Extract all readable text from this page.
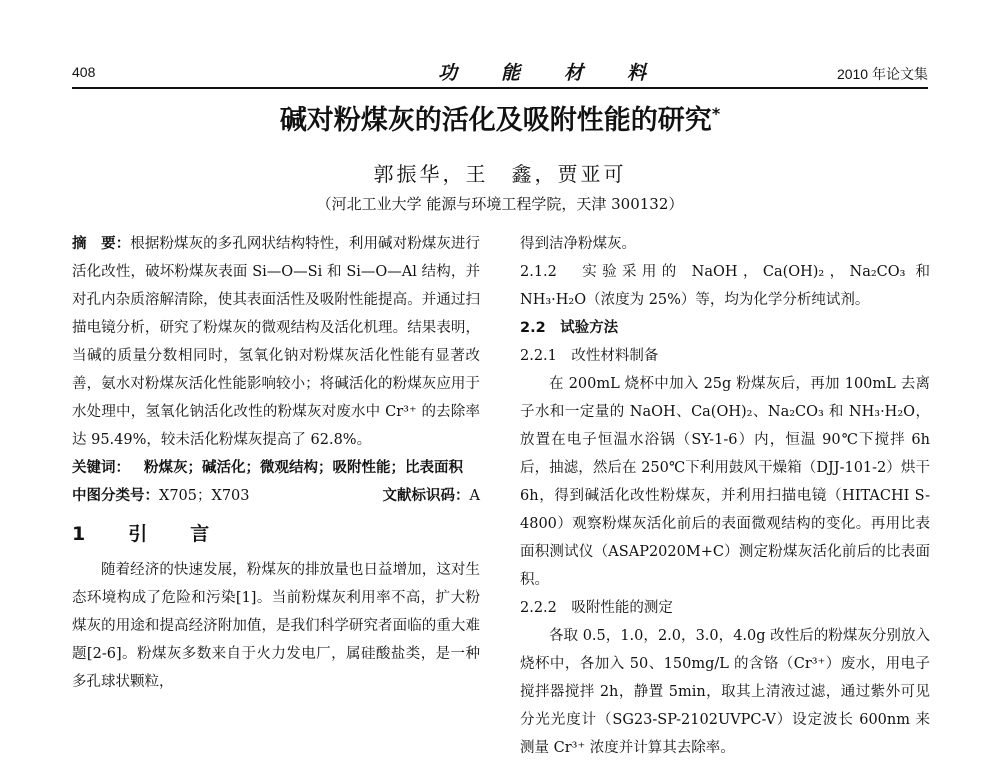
408	功能材料	2010 年论文集
碱对粉煤灰的活化及吸附性能的研究*
郭振华，王　鑫，贾亚可
（河北工业大学 能源与环境工程学院，天津 300132）

摘　要：根据粉煤灰的多孔网状结构特性，利用碱对粉煤灰进行活化改性，破坏粉煤灰表面 Si—O—Si 和 Si—O—Al 结构，并对孔内杂质溶解清除，使其表面活性及吸附性能提高。并通过扫描电镜分析，研究了粉煤灰的微观结构及活化机理。结果表明，当碱的质量分数相同时，氢氧化钠对粉煤灰活化性能有显著改善，氨水对粉煤灰活化性能影响较小；将碱活化的粉煤灰应用于水处理中，氢氧化钠活化改性的粉煤灰对废水中 Cr³⁺ 的去除率达 95.49%，较未活化粉煤灰提高了 62.8%。

关键词： 粉煤灰；碱活化；微观结构；吸附性能；比表面积
中图分类号：X705；X703	文献标识码：A
1　引　言

随着经济的快速发展，粉煤灰的排放量也日益增加，这对生态环境构成了危险和污染[1]。当前粉煤灰利用率不高，扩大粉煤灰的用途和提高经济附加值，是我们科学研究者面临的重大难题[2-6]。粉煤灰多数来自于火力发电厂，属硅酸盐类，是一种多孔球状颗粒，

得到洁净粉煤灰。

2.1.2　实验采用的 NaOH，Ca(OH)₂，Na₂CO₃ 和 NH₃·H₂O（浓度为 25%）等，均为化学分析纯试剂。

2.2　试验方法

2.2.1　改性材料制备

在 200mL 烧杯中加入 25g 粉煤灰后，再加 100mL 去离子水和一定量的 NaOH、Ca(OH)₂、Na₂CO₃ 和 NH₃·H₂O，放置在电子恒温水浴锅（SY-1-6）内，恒温 90℃下搅拌 6h 后，抽滤，然后在 250℃下利用鼓风干燥箱（DJJ-101-2）烘干 6h，得到碱活化改性粉煤灰，并利用扫描电镜（HITACHI S-4800）观察粉煤灰活化前后的表面微观结构的变化。再用比表面积测试仪（ASAP2020M+C）测定粉煤灰活化前后的比表面积。

2.2.2　吸附性能的测定

各取 0.5，1.0，2.0，3.0，4.0g 改性后的粉煤灰分别放入烧杯中，各加入 50、150mg/L 的含铬（Cr³⁺）废水，用电子搅拌器搅拌 2h，静置 5min，取其上清液过滤，通过紫外可见分光光度计（SG23-SP-2102UVPC-V）设定波长 600nm 来测量 Cr³⁺ 浓度并计算其去除率。
